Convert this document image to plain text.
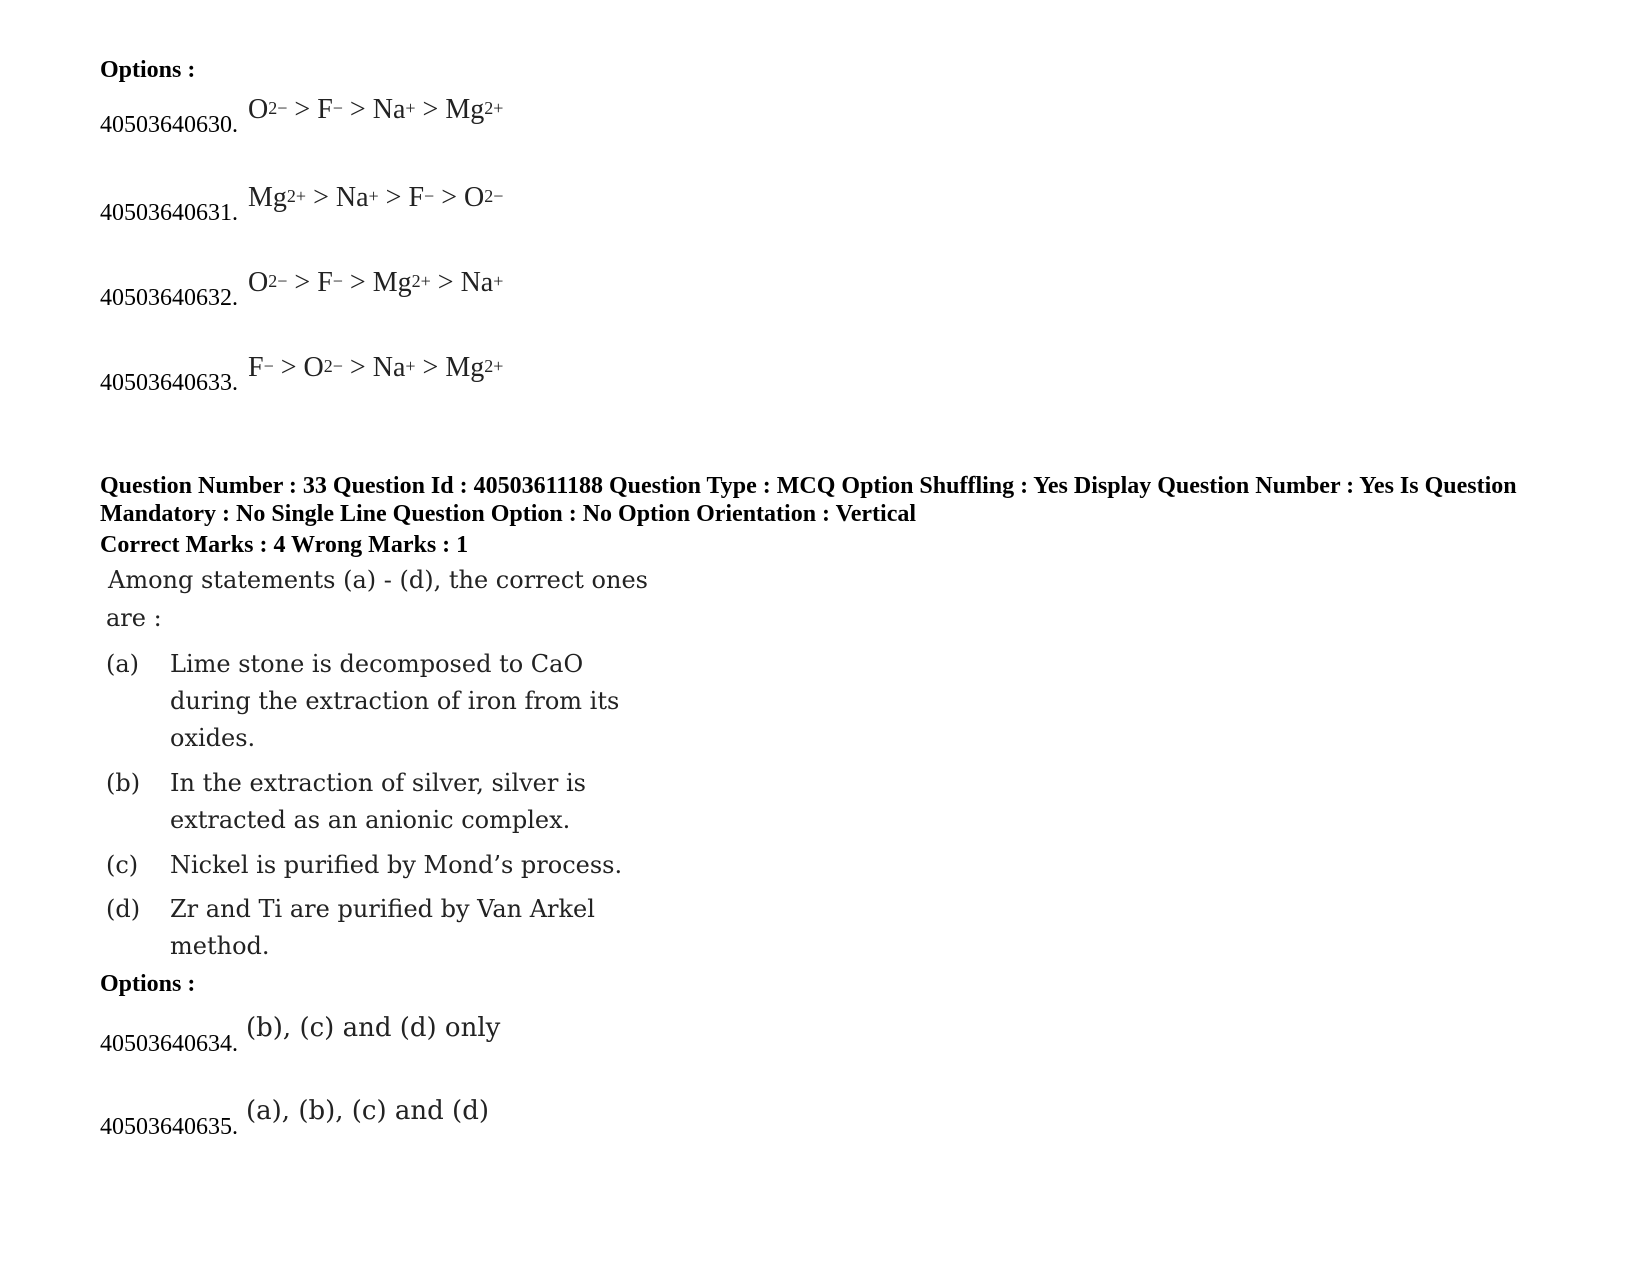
Options :
40503640630. $O^{2-} > F^- > Na^+ > Mg^{2+}$
40503640631. $Mg^{2+} > Na^+ > F^- > O^{2-}$
40503640632. $O^{2-} > F^- > Mg^{2+} > Na^+$
40503640633. $F^- > O^{2-} > Na^+ > Mg^{2+}$
Question Number : 33 Question Id : 40503611188 Question Type : MCQ Option Shuffling : Yes Display Question Number : Yes Is Question Mandatory : No Single Line Question Option : No Option Orientation : Vertical
Correct Marks : 4 Wrong Marks : 1
Among statements (a) - (d), the correct ones
are :
(a) Lime stone is decomposed to CaO
during the extraction of iron from its
oxides.
(b) In the extraction of silver, silver is
extracted as an anionic complex.
(c) Nickel is purified by Mond’s process.
(d) Zr and Ti are purified by Van Arkel
method.
Options :
40503640634.
(b), (c) and (d) only
40503640635.
(a), (b), (c) and (d)
